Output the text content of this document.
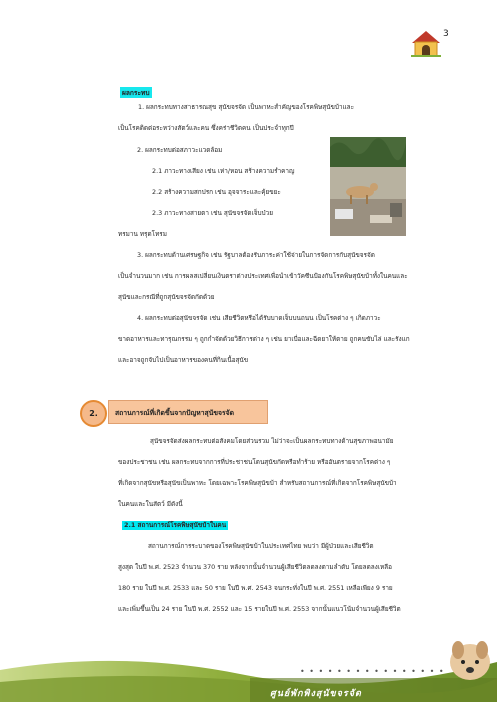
3
ผลกระทบ
1. ผลกระทบทางสาธารณสุข สุนัขจรจัด เป็นพาหะสำคัญของโรคพิษสุนัขบ้าและ
เป็นโรคติดต่อระหว่างสัตว์และคน ซึ่งคร่าชีวิตคน เป็นประจำทุกปี
2. ผลกระทบต่อสภาวะแวดล้อม
2.1 ภาวะทางเสียง เช่น เห่า/หอน สร้างความรำคาญ
2.2 สร้างความสกปรก เช่น อุจจาระและคุ้ยขยะ
2.3 ภาวะทางสายตา เช่น สุนัขจรจัดเจ็บป่วย
ทรมาน ทรุดโทรม
3. ผลกระทบด้านเศรษฐกิจ เช่น รัฐบาลต้องรับภาระค่าใช้จ่ายในการจัดการกับสุนัขจรจัด
เป็นจำนวนมาก เช่น การผลสเปลี่ยนเงินตราต่างประเทศเพื่อนำเข้าวัคซีนป้องกันโรคพิษสุนัขบ้าทั้งในคนและ
สุนัขและกรณีที่ถูกสุนัขจรจัดกัดด้วย
4. ผลกระทบต่อสุนัขจรจัด เช่น เสียชีวิตหรือได้รับบาดเจ็บบนถนน เป็นโรคต่าง ๆ เกิดภาวะ
ขาดอาหารและทารุณกรรม ๆ ถูกกำจัดด้วยวิธีการต่าง ๆ เช่น ยาเบื่อและฉีดยาให้ตาย ถูกคนขับไล่ และรังแก
และอาจถูกจับไปเป็นอาหารของคนที่กินเนื้อสุนัข
2.	สถานการณ์ที่เกิดขึ้นจากปัญหาสุนัขจรจัด
สุนัขจรจัดส่งผลกระทบต่อสังคมโดยส่วนรวม ไม่ว่าจะเป็นผลกระทบทางด้านสุขภาพอนามัย
ของประชาชน เช่น ผลกระทบจากการที่ประชาชนโดนสุนัขกัดหรือทำร้าย หรืออันตรายจากโรคต่าง ๆ
ที่เกิดจากสุนัขหรือสุนัขเป็นพาหะ โดยเฉพาะโรคพิษสุนัขบ้า สำหรับสถานการณ์ที่เกิดจากโรคพิษสุนัขบ้า
ในคนและในสัตว์ มีดังนี้
2.1 สถานการณ์โรคพิษสุนัขบ้าในคน
สถานการณ์การระบาดของโรคพิษสุนัขบ้าในประเทศไทย พบว่า มีผู้ป่วยและเสียชีวิต
สูงสุด ในปี พ.ศ. 2523 จำนวน 370 ราย หลังจากนั้นจำนวนผู้เสียชีวิตลดลงตามลำดับ โดยลดลงเหลือ
180 ราย ในปี พ.ศ. 2533 และ 50 ราย ในปี พ.ศ. 2543 จนกระทั่งในปี พ.ศ. 2551 เหลือเพียง 9 ราย
และเพิ่มขึ้นเป็น 24 ราย ในปี พ.ศ. 2552 และ 15 รายในปี พ.ศ. 2553 จากนั้นแนวโน้มจำนวนผู้เสียชีวิต
• • • • • • • • • • • • • • • •
ศูนย์พักพิงสุนัขจรจัด
